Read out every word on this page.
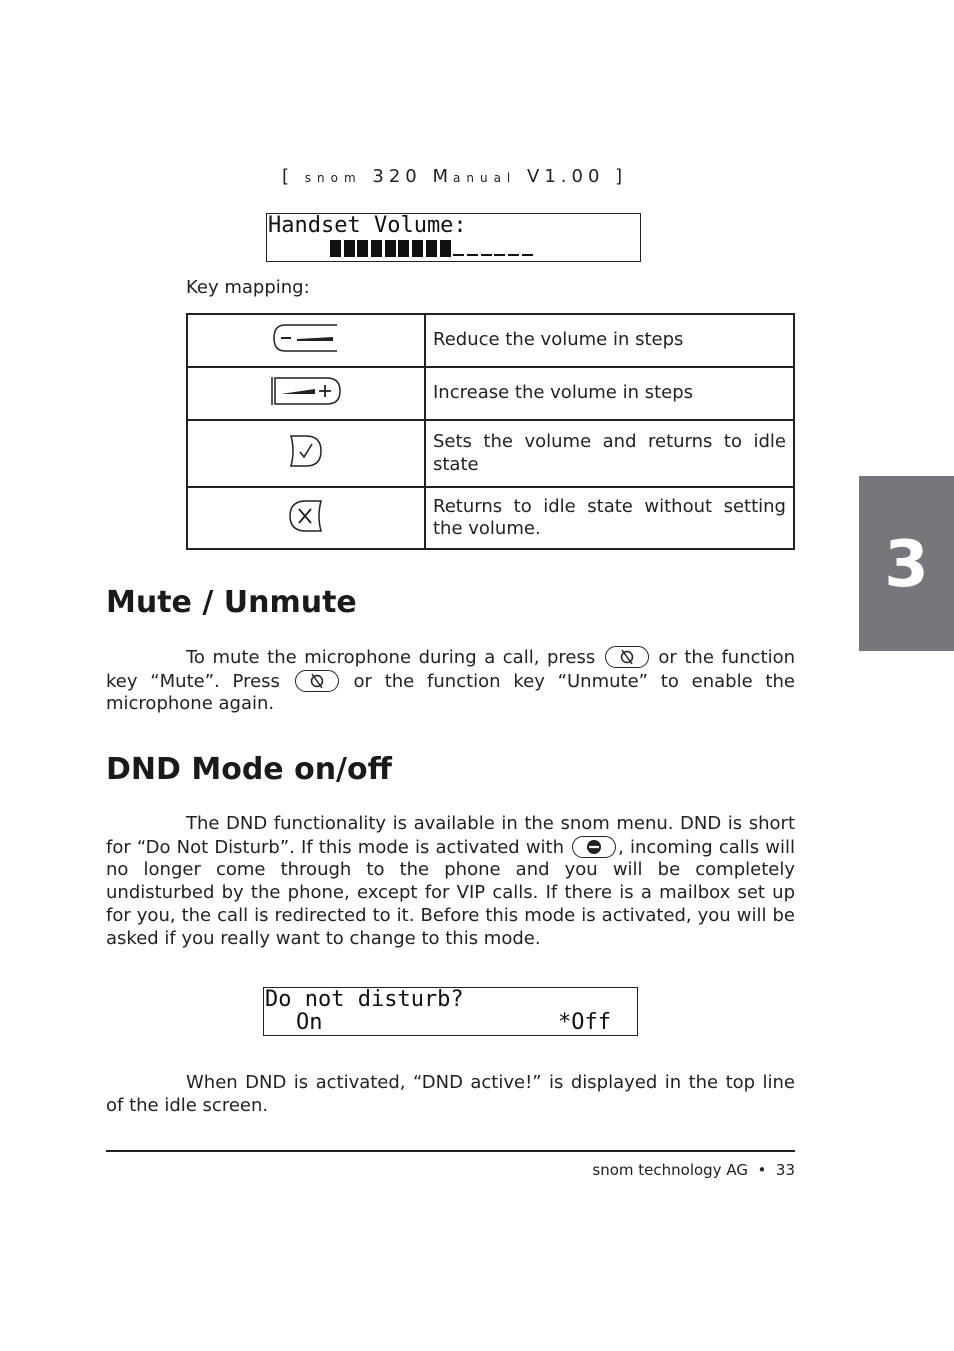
[ snom 320 Manual V1.00 ]
Handset Volume:
Key mapping:
	Reduce the volume in steps
	Increase the volume in steps
	Sets the volume and returns to idle state
	Returns to idle state without setting the volume.
Mute / Unmute
To mute the microphone during a call, press	or the function key “Mute”. Press	or the function key “Unmute” to enable the microphone again.
DND Mode on/off
The DND functionality is available in the snom menu. DND is short for “Do Not Disturb”. If this mode is activated with	, incoming calls will no longer come through to the phone and you will be completely undisturbed by the phone, except for VIP calls. If there is a mailbox set up for you, the call is redirected to it. Before this mode is activated, you will be asked if you really want to change to this mode.
Do not disturb?
On	*Off
When DND is activated, “DND active!” is displayed in the top line of the idle screen.
3
snom technology AG • 33
